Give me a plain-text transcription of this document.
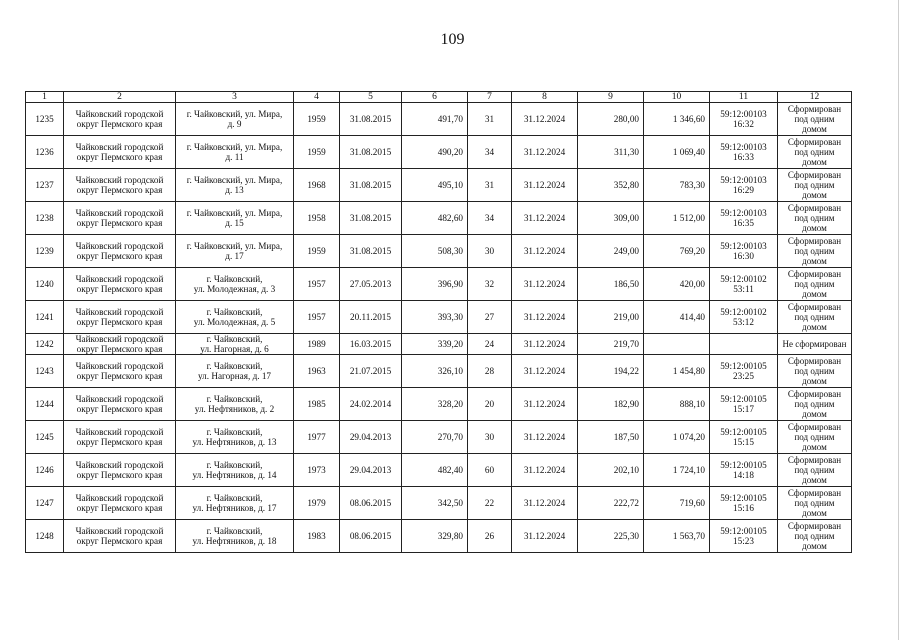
109
1	2	3	4	5	6	7	8	9	10	11	12
1235	Чайковский городской
округ Пермского края	г. Чайковский, ул. Мира,
д. 9	1959	31.08.2015	491,70	31	31.12.2024	280,00	1 346,60	59:12:00103
16:32	Сформирован
под одним
домом
1236	Чайковский городской
округ Пермского края	г. Чайковский, ул. Мира,
д. 11	1959	31.08.2015	490,20	34	31.12.2024	311,30	1 069,40	59:12:00103
16:33	Сформирован
под одним
домом
1237	Чайковский городской
округ Пермского края	г. Чайковский, ул. Мира,
д. 13	1968	31.08.2015	495,10	31	31.12.2024	352,80	783,30	59:12:00103
16:29	Сформирован
под одним
домом
1238	Чайковский городской
округ Пермского края	г. Чайковский, ул. Мира,
д. 15	1958	31.08.2015	482,60	34	31.12.2024	309,00	1 512,00	59:12:00103
16:35	Сформирован
под одним
домом
1239	Чайковский городской
округ Пермского края	г. Чайковский, ул. Мира,
д. 17	1959	31.08.2015	508,30	30	31.12.2024	249,00	769,20	59:12:00103
16:30	Сформирован
под одним
домом
1240	Чайковский городской
округ Пермского края	г. Чайковский,
ул. Молодежная, д. 3	1957	27.05.2013	396,90	32	31.12.2024	186,50	420,00	59:12:00102
53:11	Сформирован
под одним
домом
1241	Чайковский городской
округ Пермского края	г. Чайковский,
ул. Молодежная, д. 5	1957	20.11.2015	393,30	27	31.12.2024	219,00	414,40	59:12:00102
53:12	Сформирован
под одним
домом
1242	Чайковский городской
округ Пермского края	г. Чайковский,
ул. Нагорная, д. 6	1989	16.03.2015	339,20	24	31.12.2024	219,70			Не сформирован
1243	Чайковский городской
округ Пермского края	г. Чайковский,
ул. Нагорная, д. 17	1963	21.07.2015	326,10	28	31.12.2024	194,22	1 454,80	59:12:00105
23:25	Сформирован
под одним
домом
1244	Чайковский городской
округ Пермского края	г. Чайковский,
ул. Нефтяников, д. 2	1985	24.02.2014	328,20	20	31.12.2024	182,90	888,10	59:12:00105
15:17	Сформирован
под одним
домом
1245	Чайковский городской
округ Пермского края	г. Чайковский,
ул. Нефтяников, д. 13	1977	29.04.2013	270,70	30	31.12.2024	187,50	1 074,20	59:12:00105
15:15	Сформирован
под одним
домом
1246	Чайковский городской
округ Пермского края	г. Чайковский,
ул. Нефтяников, д. 14	1973	29.04.2013	482,40	60	31.12.2024	202,10	1 724,10	59:12:00105
14:18	Сформирован
под одним
домом
1247	Чайковский городской
округ Пермского края	г. Чайковский,
ул. Нефтяников, д. 17	1979	08.06.2015	342,50	22	31.12.2024	222,72	719,60	59:12:00105
15:16	Сформирован
под одним
домом
1248	Чайковский городской
округ Пермского края	г. Чайковский,
ул. Нефтяников, д. 18	1983	08.06.2015	329,80	26	31.12.2024	225,30	1 563,70	59:12:00105
15:23	Сформирован
под одним
домом
